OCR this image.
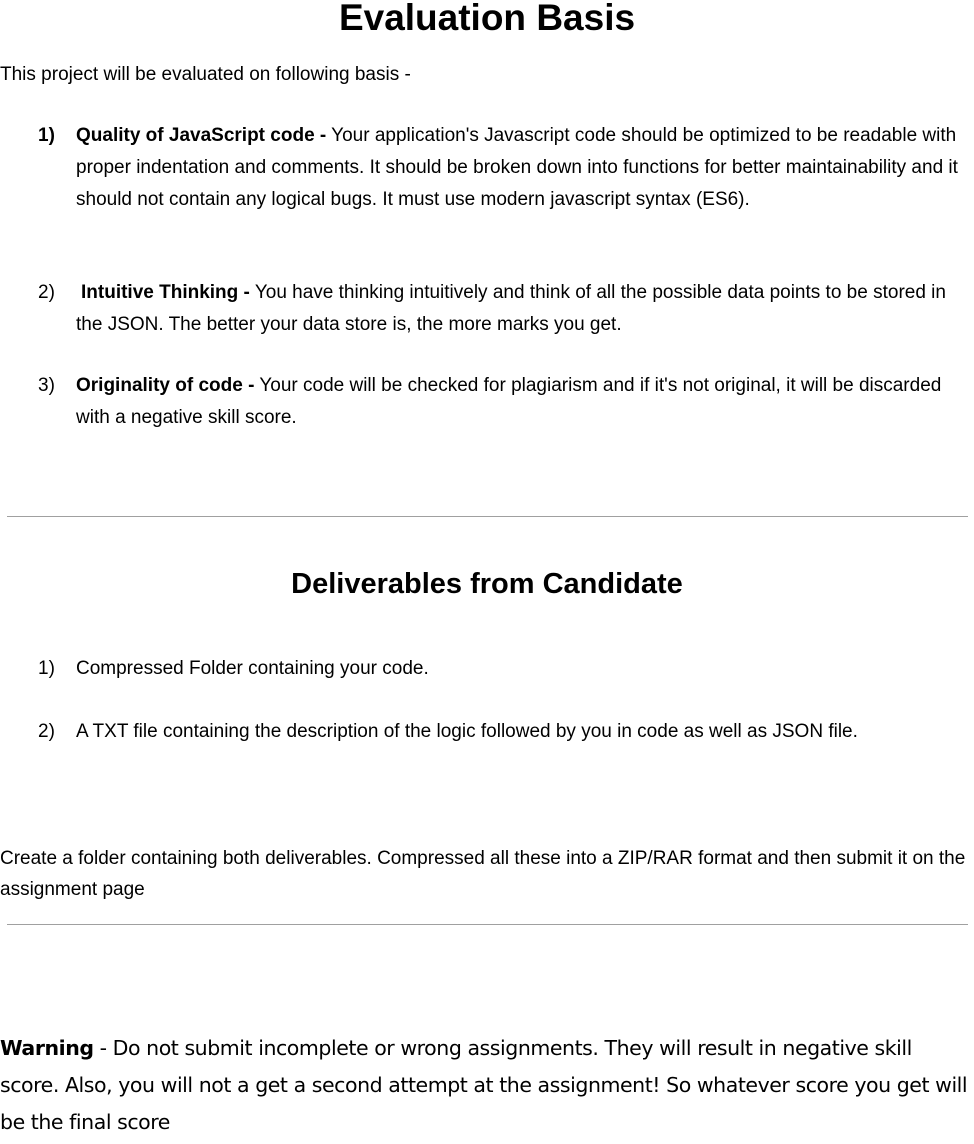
Evaluation Basis

This project will be evaluated on following basis -

1) Quality of JavaScript code - Your application's Javascript code should be optimized to be readable with proper indentation and comments. It should be broken down into functions for better maintainability and it should not contain any logical bugs. It must use modern javascript syntax (ES6).
2) Intuitive Thinking - You have thinking intuitively and think of all the possible data points to be stored in the JSON. The better your data store is, the more marks you get.
3) Originality of code - Your code will be checked for plagiarism and if it's not original, it will be discarded with a negative skill score.
Deliverables from Candidate
1) Compressed Folder containing your code.
2) A TXT file containing the description of the logic followed by you in code as well as JSON file.

Create a folder containing both deliverables. Compressed all these into a ZIP/RAR format and then submit it on the assignment page

Warning - Do not submit incomplete or wrong assignments. They will result in negative skill score. Also, you will not a get a second attempt at the assignment! So whatever score you get will be the final score
